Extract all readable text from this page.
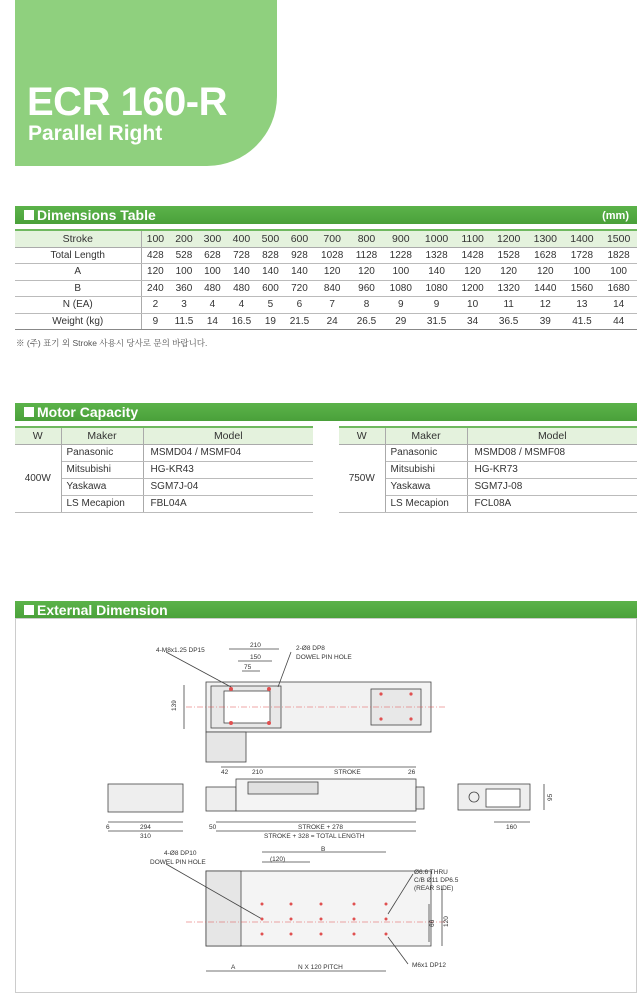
ECR 160-R
Parallel Right
Dimensions Table	(mm)
Stroke	100	200	300	400	500	600	700	800	900	1000	1100	1200	1300	1400	1500
Total Length	428	528	628	728	828	928	1028	1128	1228	1328	1428	1528	1628	1728	1828
A	120	100	100	140	140	140	120	120	100	140	120	120	120	100	100
B	240	360	480	480	600	720	840	960	1080	1080	1200	1320	1440	1560	1680
N (EA)	2	3	4	4	5	6	7	8	9	9	10	11	12	13	14
Weight (kg)	9	11.5	14	16.5	19	21.5	24	26.5	29	31.5	34	36.5	39	41.5	44
※ (주) 표기 외 Stroke 사용시 당사로 문의 바랍니다.
Motor Capacity
W	Maker	Model
400W	Panasonic	MSMD04 / MSMF04
	Mitsubishi	HG-KR43
	Yaskawa	SGM7J-04
	LS Mecapion	FBL04A
W	Maker	Model
750W	Panasonic	MSMD08 / MSMF08
	Mitsubishi	HG-KR73
	Yaskawa	SGM7J-08
	LS Mecapion	FCL08A
External Dimension
4-M8x1.25 DP15	2-Ø8 DP8
DOWEL PIN HOLE
210
150
75
139
42	210	STROKE	26
6	294
310
50	STROKE + 278
STROKE + 328 = TOTAL LENGTH
160
95
4-Ø8 DP10
DOWEL PIN HOLE	(120)
B
Ø6.6 THRU
C/B Ø11 DP6.5
(REAR SIDE)
66 120
A	N X 120 PITCH	M6x1 DP12
